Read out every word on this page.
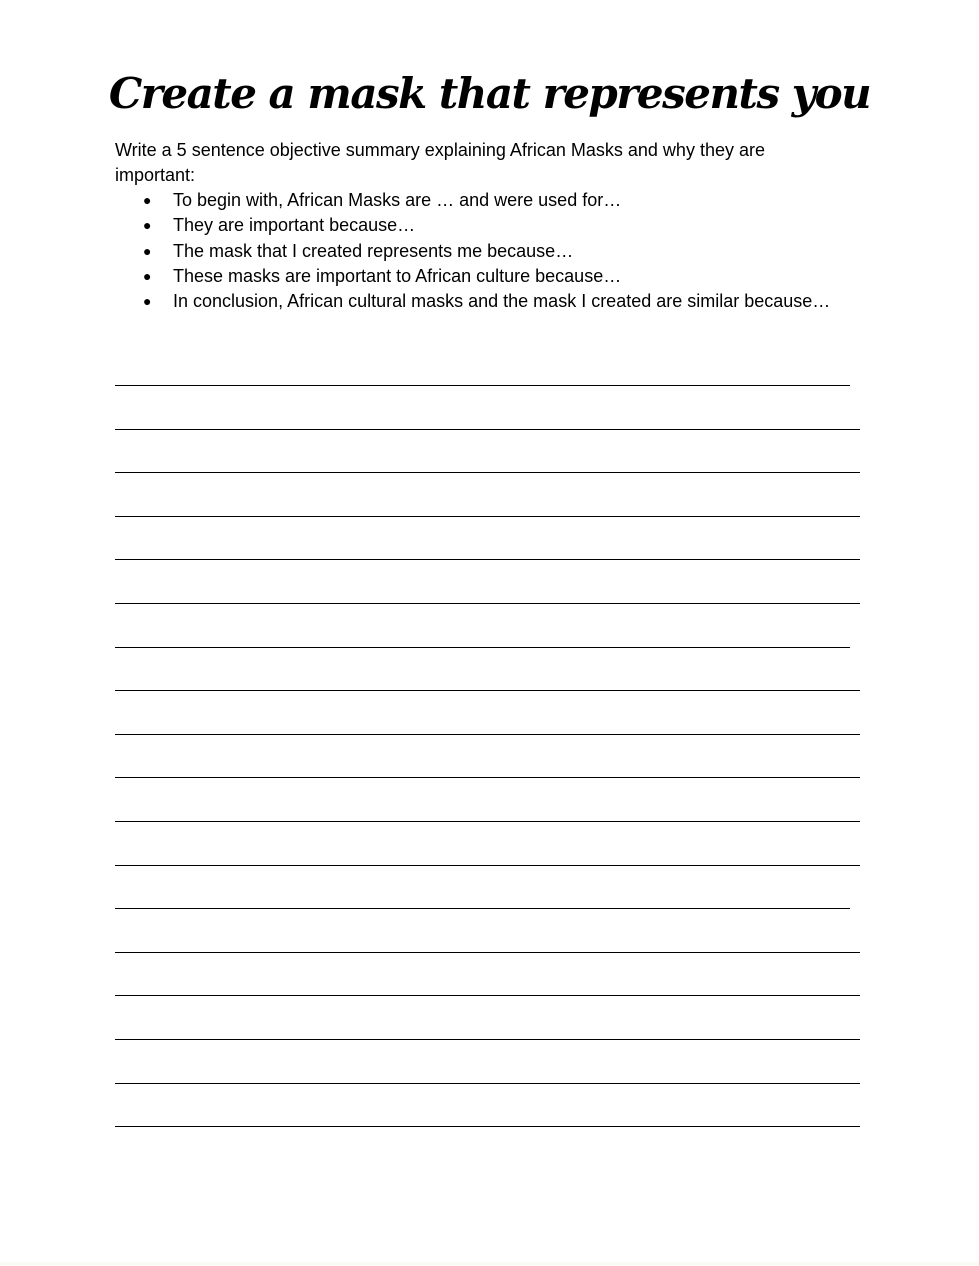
Create a mask that represents you

Write a 5 sentence objective summary explaining African Masks and why they are important:

● To begin with, African Masks are … and were used for…
● They are important because…
● The mask that I created represents me because…
● These masks are important to African culture because…
● In conclusion, African cultural masks and the mask I created are similar because…
